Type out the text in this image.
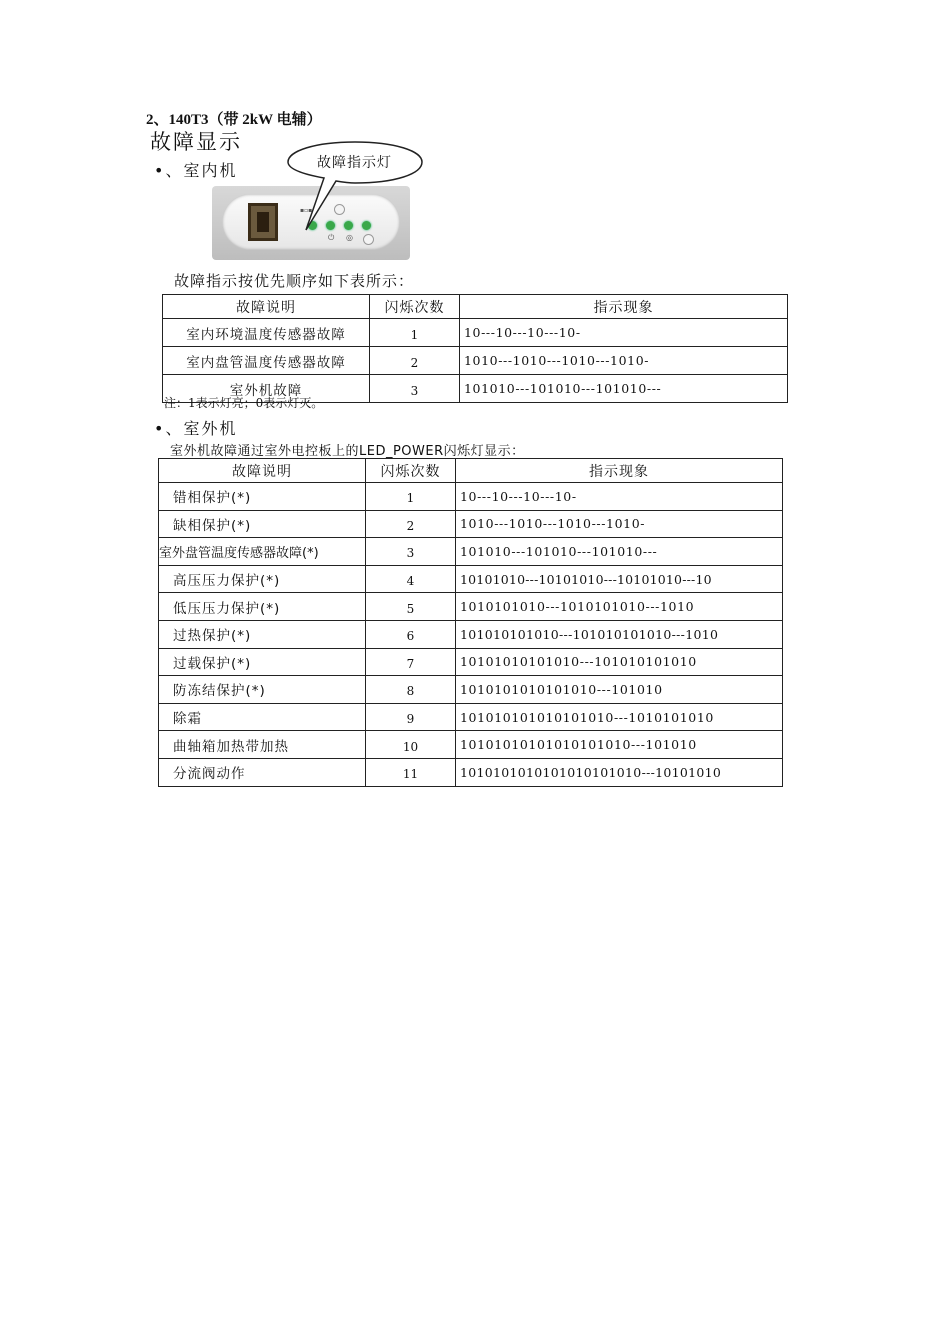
2、140T3（带 2kW 电辅）
故障显示
•、室内机
▪▫▪
⏻ ◎
故障指示灯
故障指示按优先顺序如下表所示：
故障说明	闪烁次数	指示现象
室内环境温度传感器故障	1	10---10---10---10-
室内盘管温度传感器故障	2	1010---1010---1010---1010-
室外机故障	3	101010---101010---101010---
注：1表示灯亮；0表示灯灭。
•、室外机
室外机故障通过室外电控板上的LED_POWER闪烁灯显示：
故障说明	闪烁次数	指示现象
错相保护(*)	1	10---10---10---10-
缺相保护(*)	2	1010---1010---1010---1010-
室外盘管温度传感器故障(*)	3	101010---101010---101010---
高压压力保护(*)	4	10101010---10101010---10101010---10
低压压力保护(*)	5	1010101010---1010101010---1010
过热保护(*)	6	101010101010---101010101010---1010
过载保护(*)	7	10101010101010---101010101010
防冻结保护(*)	8	1010101010101010---101010
除霜	9	101010101010101010---1010101010
曲轴箱加热带加热	10	10101010101010101010---101010
分流阀动作	11	1010101010101010101010---10101010
